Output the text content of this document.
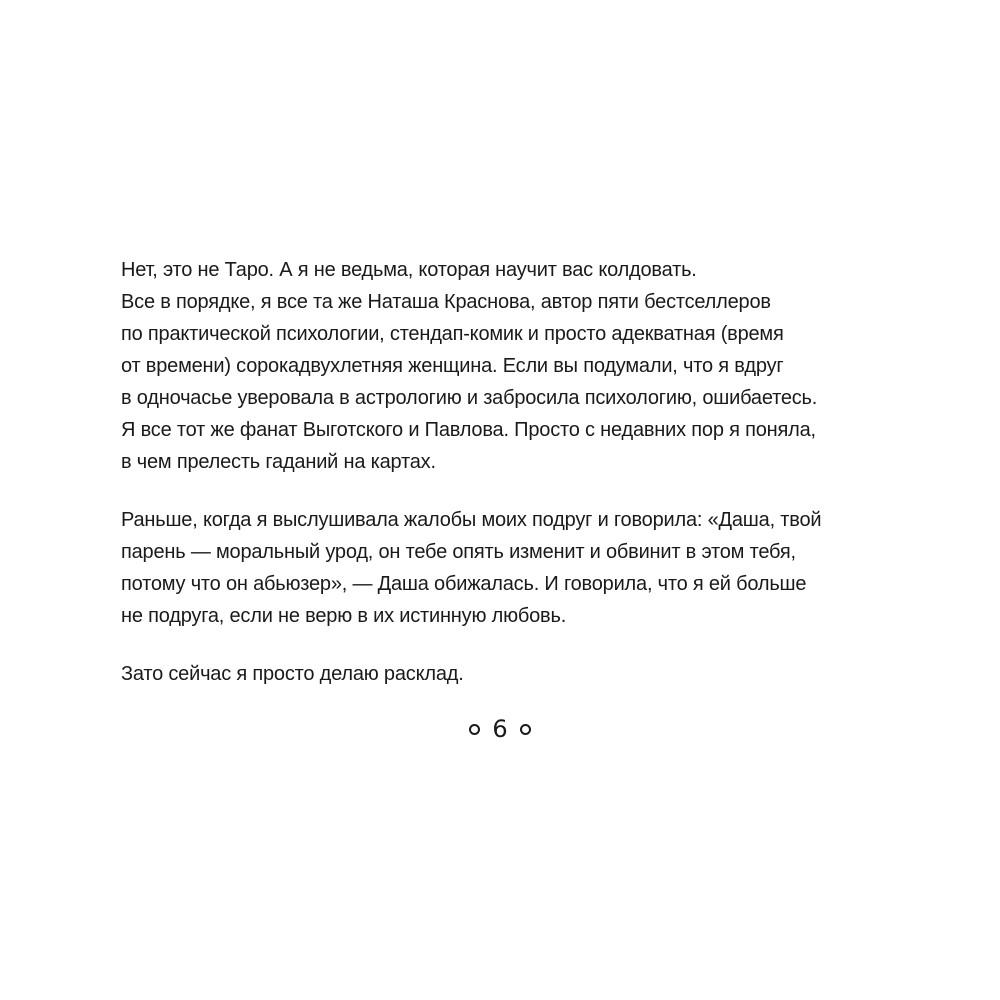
Нет, это не Таро. А я не ведьма, которая научит вас колдовать.
Все в порядке, я все та же Наташа Краснова, автор пяти бестселлеров
по практической психологии, стендап-комик и просто адекватная (время
от времени) сорокадвухлетняя женщина. Если вы подумали, что я вдруг
в одночасье уверовала в астрологию и забросила психологию, ошибаетесь.
Я все тот же фанат Выготского и Павлова. Просто с недавних пор я поняла,
в чем прелесть гаданий на картах.

Раньше, когда я выслушивала жалобы моих подруг и говорила: «Даша, твой
парень — моральный урод, он тебе опять изменит и обвинит в этом тебя,
потому что он абьюзер», — Даша обижалась. И говорила, что я ей больше
не подруга, если не верю в их истинную любовь.

Зато сейчас я просто делаю расклад.

6
